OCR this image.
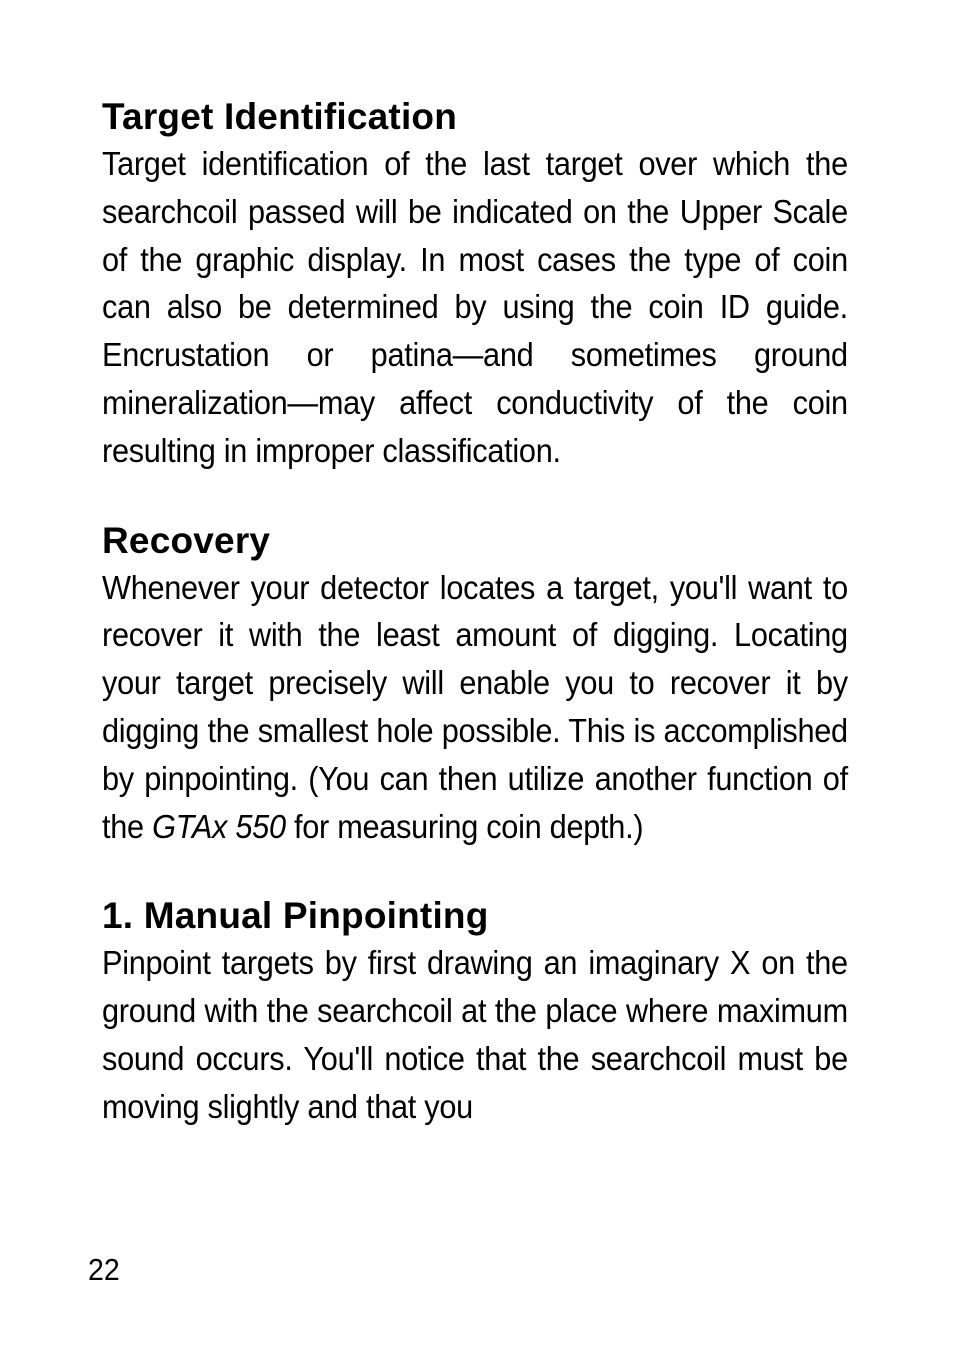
Target Identification

Target identification of the last target over which the searchcoil passed will be indicated on the Upper Scale of the graphic display. In most cases the type of coin can also be determined by using the coin ID guide. Encrustation or patina—and sometimes ground mineralization—may affect conductivity of the coin resulting in improper classification.

Recovery

Whenever your detector locates a target, you'll want to recover it with the least amount of digging. Locating your target precisely will enable you to recover it by digging the smallest hole possible. This is accomplished by pinpointing. (You can then utilize another function of the GTAx 550 for measuring coin depth.)

1. Manual Pinpointing

Pinpoint targets by first drawing an imaginary X on the ground with the searchcoil at the place where maximum sound occurs. You'll notice that the searchcoil must be moving slightly and that you

22
